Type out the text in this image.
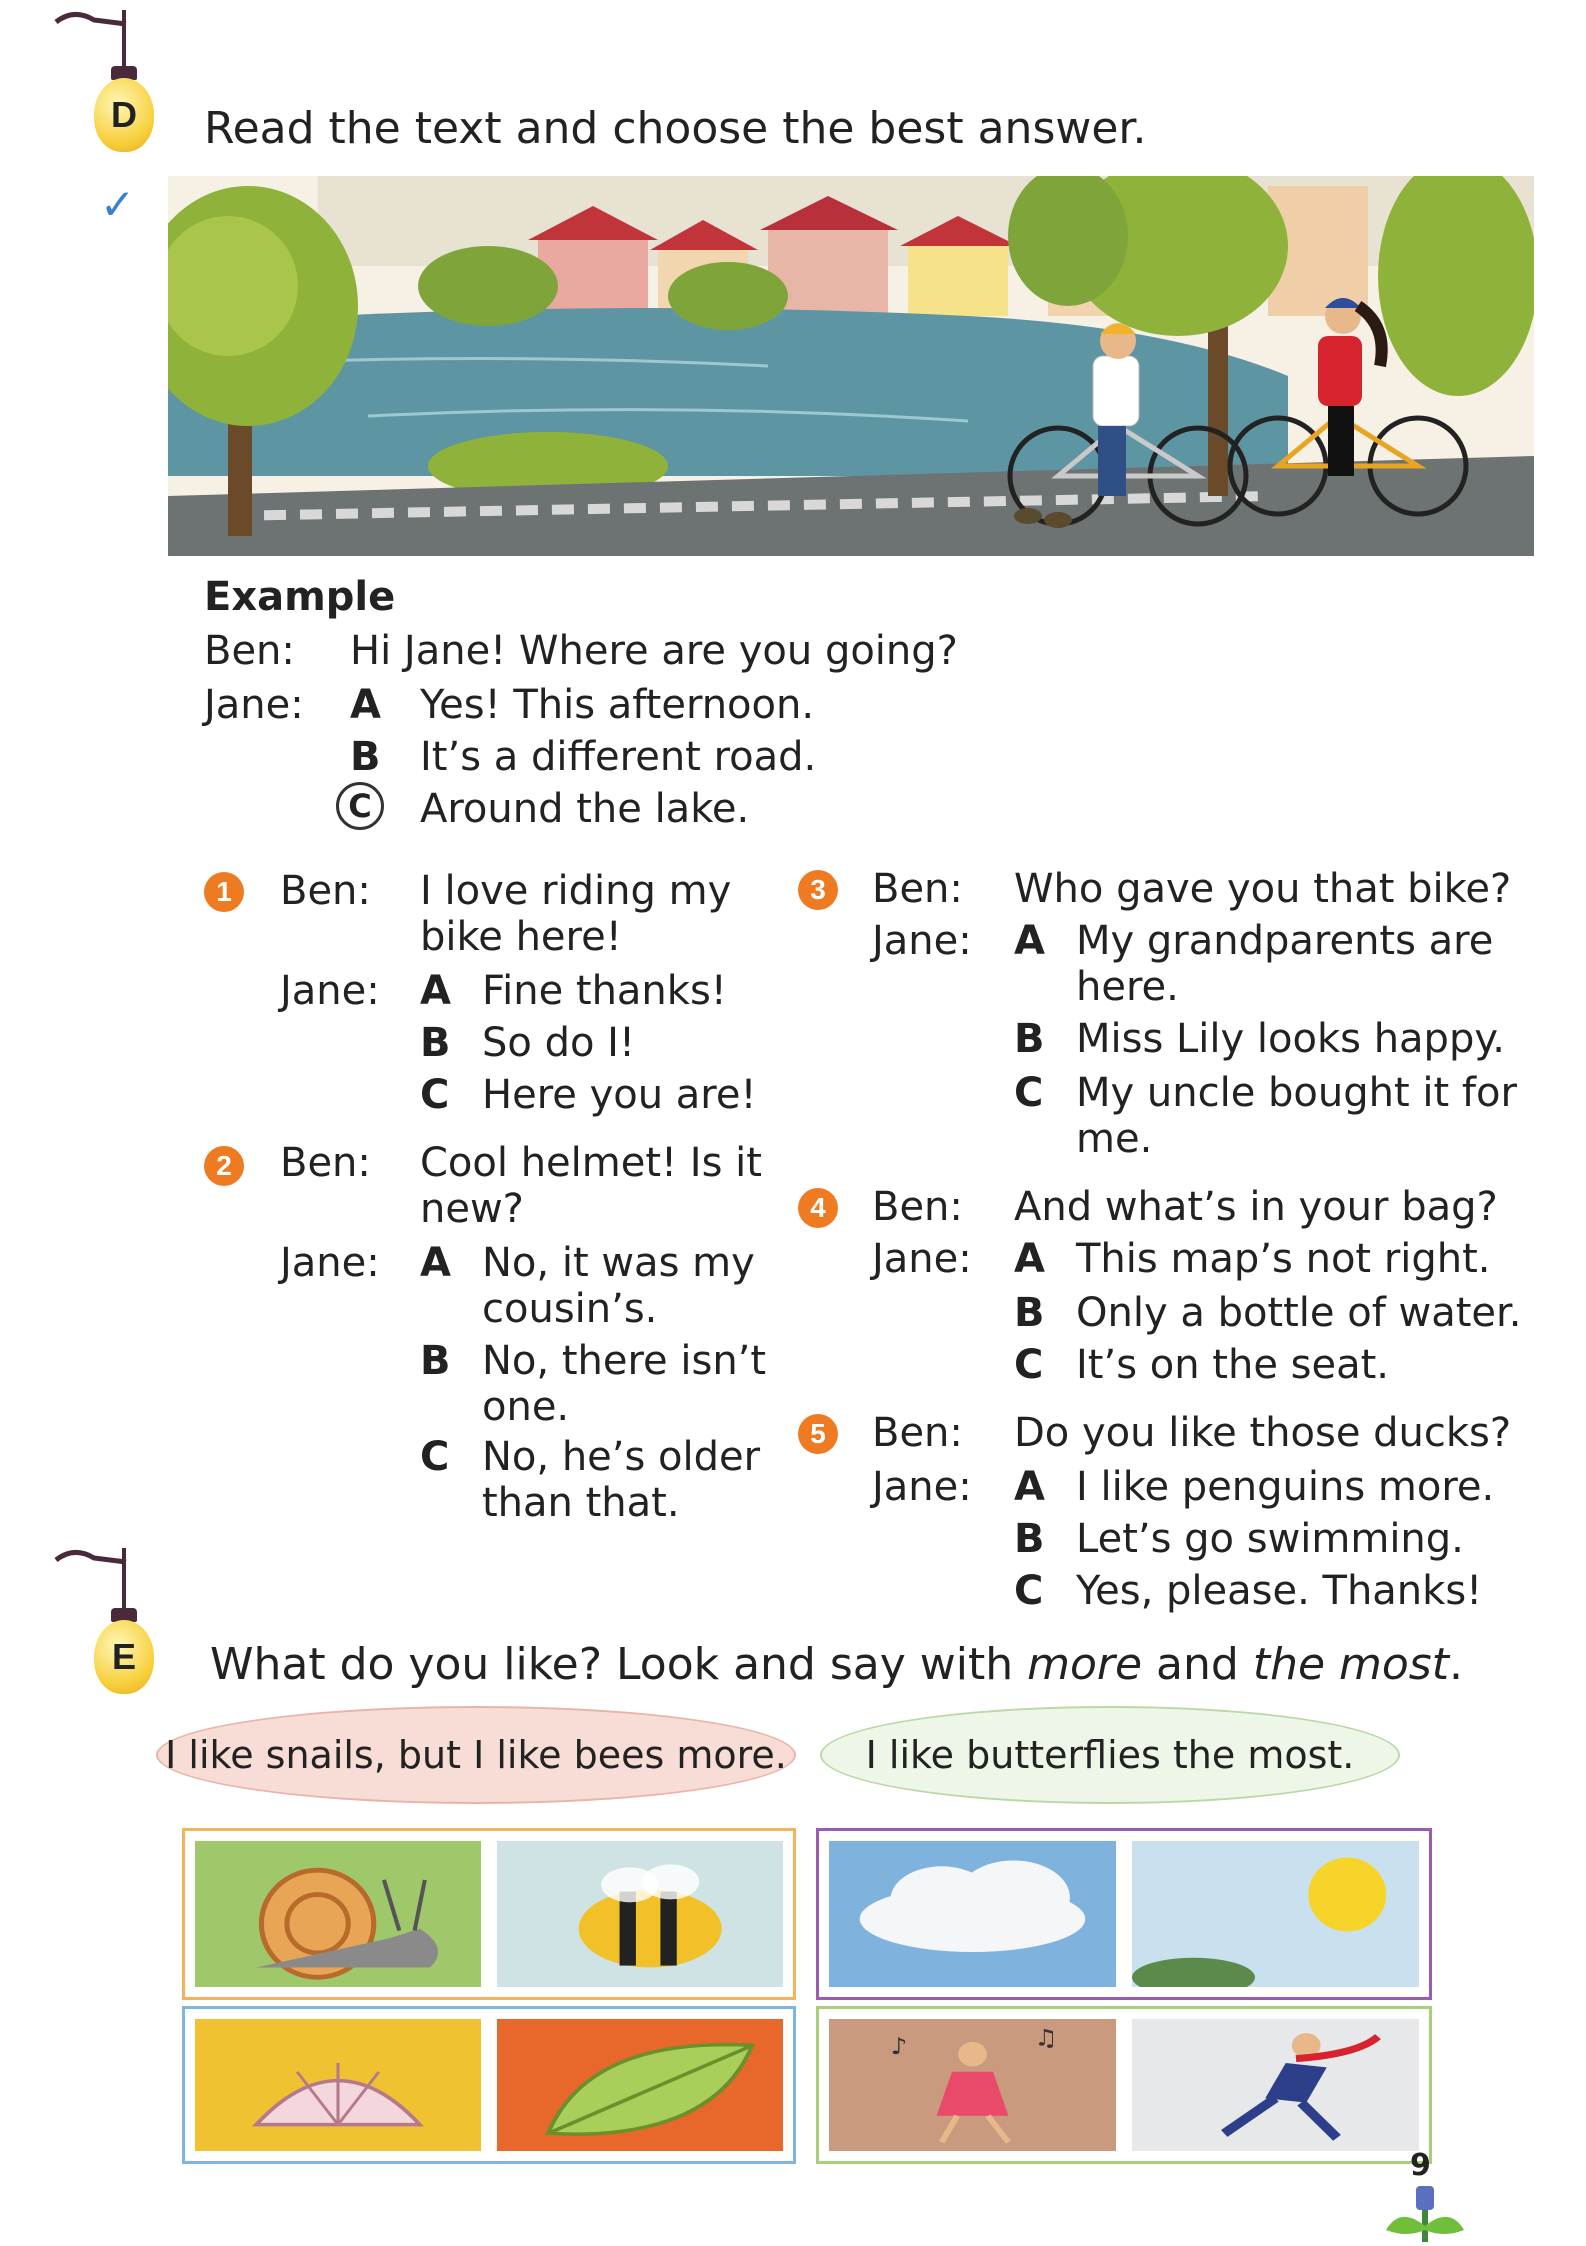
D
✓
Read the text and choose the best answer.
Example
Ben: Hi Jane! Where are you going?
Jane: A Yes! This afternoon.
B It’s a different road.
C	Around the lake.
1	Ben: I love riding my
bike here!
Jane: A Fine thanks!
B So do I!
C Here you are!
2	Ben: Cool helmet! Is it
new?
Jane: A No, it was my
cousin’s.
B No, there isn’t
one.
C No, he’s older
than that.
3	Ben: Who gave you that bike?
Jane: A My grandparents are
here.
B Miss Lily looks happy.
C My uncle bought it for
me.
4	Ben: And what’s in your bag?
Jane: A This map’s not right.
B Only a bottle of water.
C It’s on the seat.
5	Ben: Do you like those ducks?
Jane: A I like penguins more.
B Let’s go swimming.
C Yes, please. Thanks!
E	What do you like? Look and say with more and the most.
I like snails, but I like bees more. I like butterflies the most.
♪	♫
9
